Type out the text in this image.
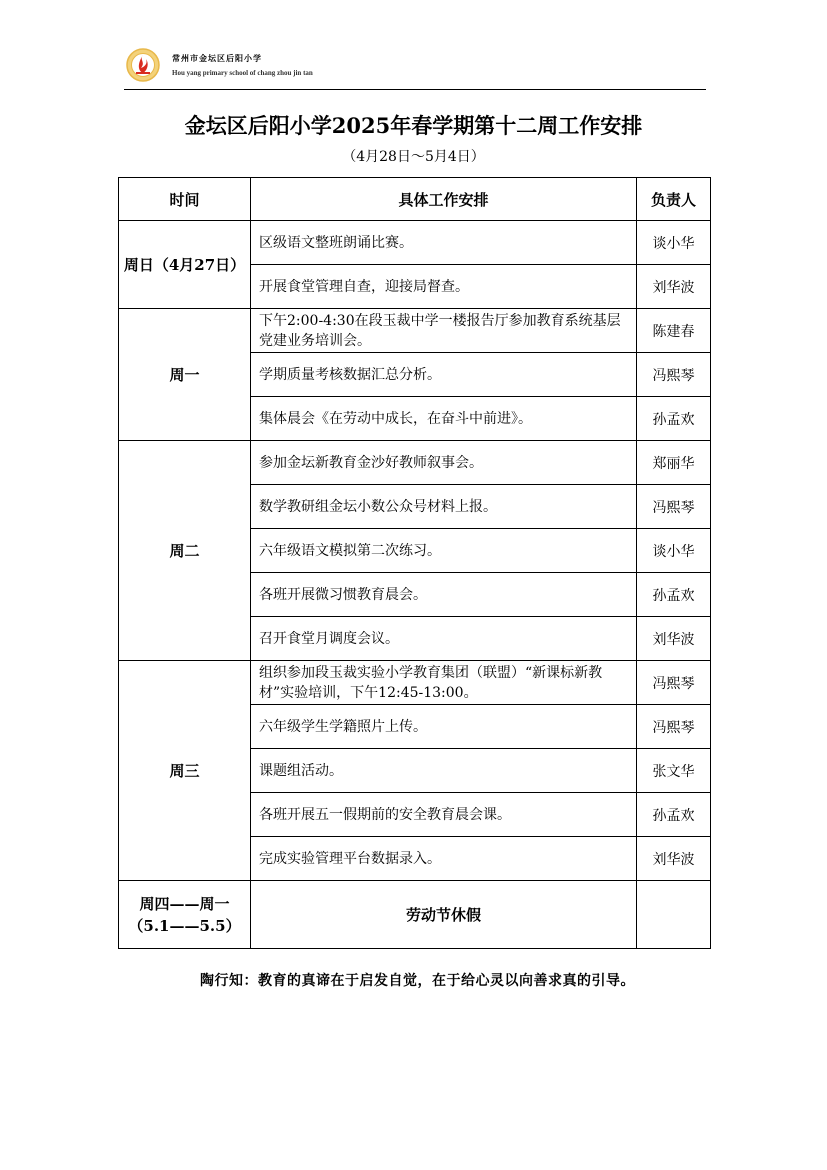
常州市金坛区后阳小学
Hou yang primary school of chang zhou jin tan
金坛区后阳小学2025年春学期第十二周工作安排
（4月28日～5月4日）
时间	具体工作安排	负责人
周日（4月27日）	区级语文整班朗诵比赛。	谈小华
	开展食堂管理自查，迎接局督查。	刘华波
周一	下午2:00-4:30在段玉裁中学一楼报告厅参加教育系统基层党建业务培训会。	陈建春
	学期质量考核数据汇总分析。	冯熙琴
	集体晨会《在劳动中成长，在奋斗中前进》。	孙孟欢
周二	参加金坛新教育金沙好教师叙事会。	郑丽华
	数学教研组金坛小数公众号材料上报。	冯熙琴
	六年级语文模拟第二次练习。	谈小华
	各班开展微习惯教育晨会。	孙孟欢
	召开食堂月调度会议。	刘华波
周三	组织参加段玉裁实验小学教育集团（联盟）“新课标新教材”实验培训，下午12:45-13:00。	冯熙琴
	六年级学生学籍照片上传。	冯熙琴
	课题组活动。	张文华
	各班开展五一假期前的安全教育晨会课。	孙孟欢
	完成实验管理平台数据录入。	刘华波
周四——周一（5.1——5.5）	劳动节休假	
陶行知：教育的真谛在于启发自觉，在于给心灵以向善求真的引导。
